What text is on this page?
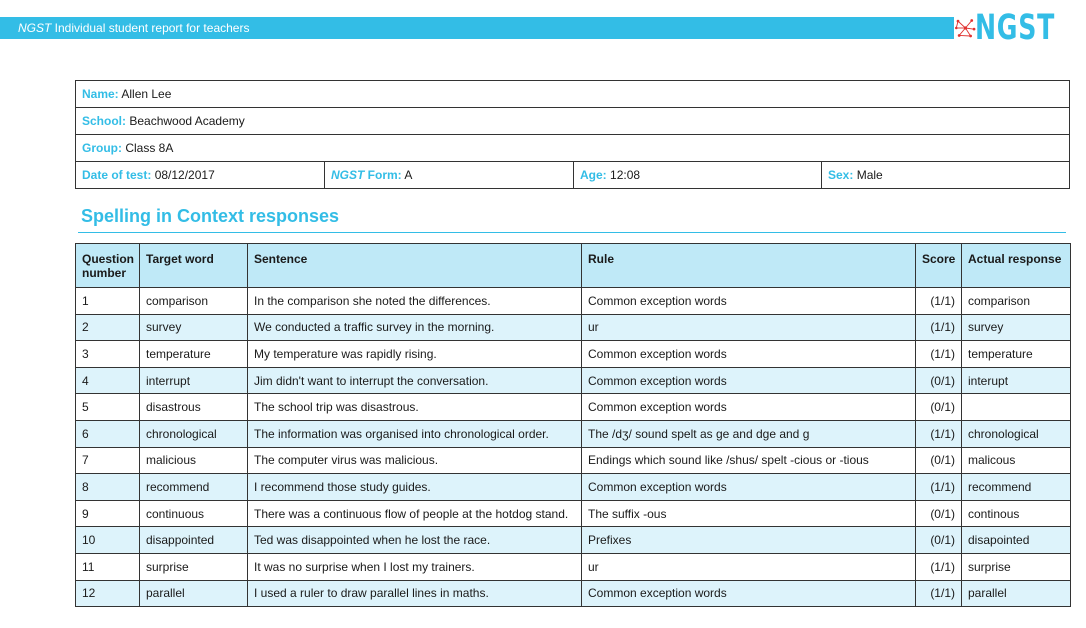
NGST Individual student report for teachers	NGST
Name: Allen Lee
School: Beachwood Academy
Group: Class 8A
Date of test: 08/12/2017	NGST Form: A	Age: 12:08	Sex: Male
Spelling in Context responses
Question number	Target word	Sentence	Rule	Score	Actual response
1	comparison	In the comparison she noted the differences.	Common exception words	(1/1)	comparison
2	survey	We conducted a traffic survey in the morning.	ur	(1/1)	survey
3	temperature	My temperature was rapidly rising.	Common exception words	(1/1)	temperature
4	interrupt	Jim didn't want to interrupt the conversation.	Common exception words	(0/1)	interupt
5	disastrous	The school trip was disastrous.	Common exception words	(0/1)	
6	chronological	The information was organised into chronological order.	The /dʒ/ sound spelt as ge and dge and g	(1/1)	chronological
7	malicious	The computer virus was malicious.	Endings which sound like /shus/ spelt -cious or -tious	(0/1)	malicous
8	recommend	I recommend those study guides.	Common exception words	(1/1)	recommend
9	continuous	There was a continuous flow of people at the hotdog stand.	The suffix -ous	(0/1)	continous
10	disappointed	Ted was disappointed when he lost the race.	Prefixes	(0/1)	disapointed
11	surprise	It was no surprise when I lost my trainers.	ur	(1/1)	surprise
12	parallel	I used a ruler to draw parallel lines in maths.	Common exception words	(1/1)	parallel
